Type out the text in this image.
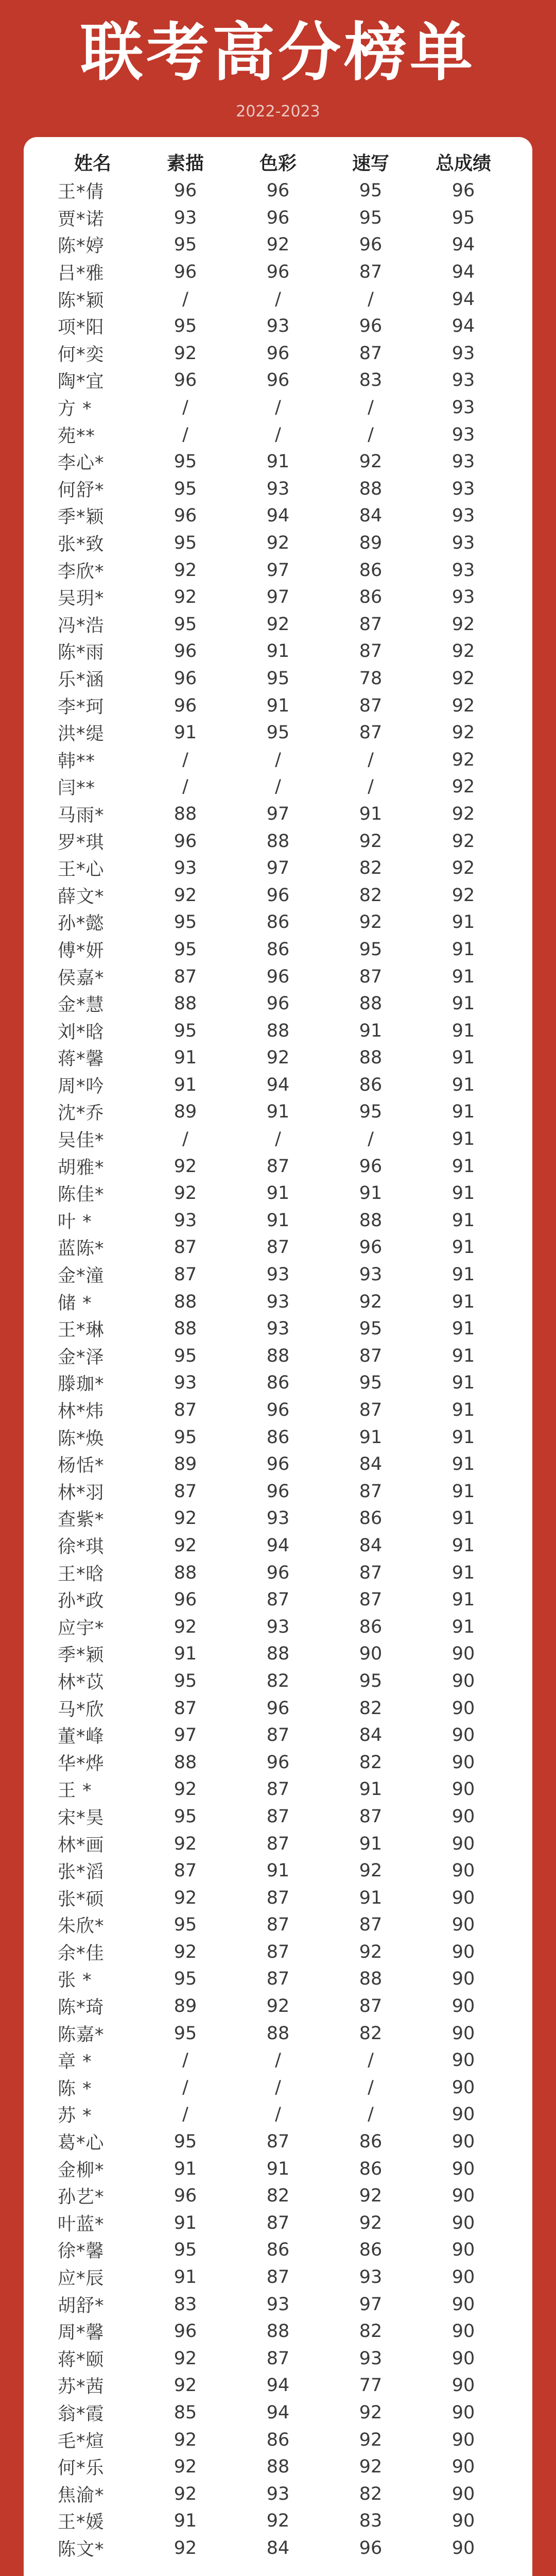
联考高分榜单
2022-2023
姓名	素描	色彩	速写	总成绩
王*倩	96	96	95	96
贾*诺	93	96	95	95
陈*婷	95	92	96	94
吕*雅	96	96	87	94
陈*颖	/	/	/	94
项*阳	95	93	96	94
何*奕	92	96	87	93
陶*宜	96	96	83	93
方 *	/	/	/	93
苑**	/	/	/	93
李心*	95	91	92	93
何舒*	95	93	88	93
季*颖	96	94	84	93
张*致	95	92	89	93
李欣*	92	97	86	93
吴玥*	92	97	86	93
冯*浩	95	92	87	92
陈*雨	96	91	87	92
乐*涵	96	95	78	92
李*珂	96	91	87	92
洪*缇	91	95	87	92
韩**	/	/	/	92
闫**	/	/	/	92
马雨*	88	97	91	92
罗*琪	96	88	92	92
王*心	93	97	82	92
薛文*	92	96	82	92
孙*懿	95	86	92	91
傅*妍	95	86	95	91
侯嘉*	87	96	87	91
金*慧	88	96	88	91
刘*晗	95	88	91	91
蒋*馨	91	92	88	91
周*吟	91	94	86	91
沈*乔	89	91	95	91
吴佳*	/	/	/	91
胡雅*	92	87	96	91
陈佳*	92	91	91	91
叶 *	93	91	88	91
蓝陈*	87	87	96	91
金*潼	87	93	93	91
储 *	88	93	92	91
王*琳	88	93	95	91
金*泽	95	88	87	91
滕珈*	93	86	95	91
林*炜	87	96	87	91
陈*焕	95	86	91	91
杨恬*	89	96	84	91
林*羽	87	96	87	91
查紫*	92	93	86	91
徐*琪	92	94	84	91
王*晗	88	96	87	91
孙*政	96	87	87	91
应宇*	92	93	86	91
季*颖	91	88	90	90
林*苡	95	82	95	90
马*欣	87	96	82	90
董*峰	97	87	84	90
华*烨	88	96	82	90
王 *	92	87	91	90
宋*昊	95	87	87	90
林*画	92	87	91	90
张*滔	87	91	92	90
张*硕	92	87	91	90
朱欣*	95	87	87	90
余*佳	92	87	92	90
张 *	95	87	88	90
陈*琦	89	92	87	90
陈嘉*	95	88	82	90
章 *	/	/	/	90
陈 *	/	/	/	90
苏 *	/	/	/	90
葛*心	95	87	86	90
金柳*	91	91	86	90
孙艺*	96	82	92	90
叶蓝*	91	87	92	90
徐*馨	95	86	86	90
应*辰	91	87	93	90
胡舒*	83	93	97	90
周*馨	96	88	82	90
蒋*颐	92	87	93	90
苏*茜	92	94	77	90
翁*霞	85	94	92	90
毛*煊	92	86	92	90
何*乐	92	88	92	90
焦渝*	92	93	82	90
王*媛	91	92	83	90
陈文*	92	84	96	90
